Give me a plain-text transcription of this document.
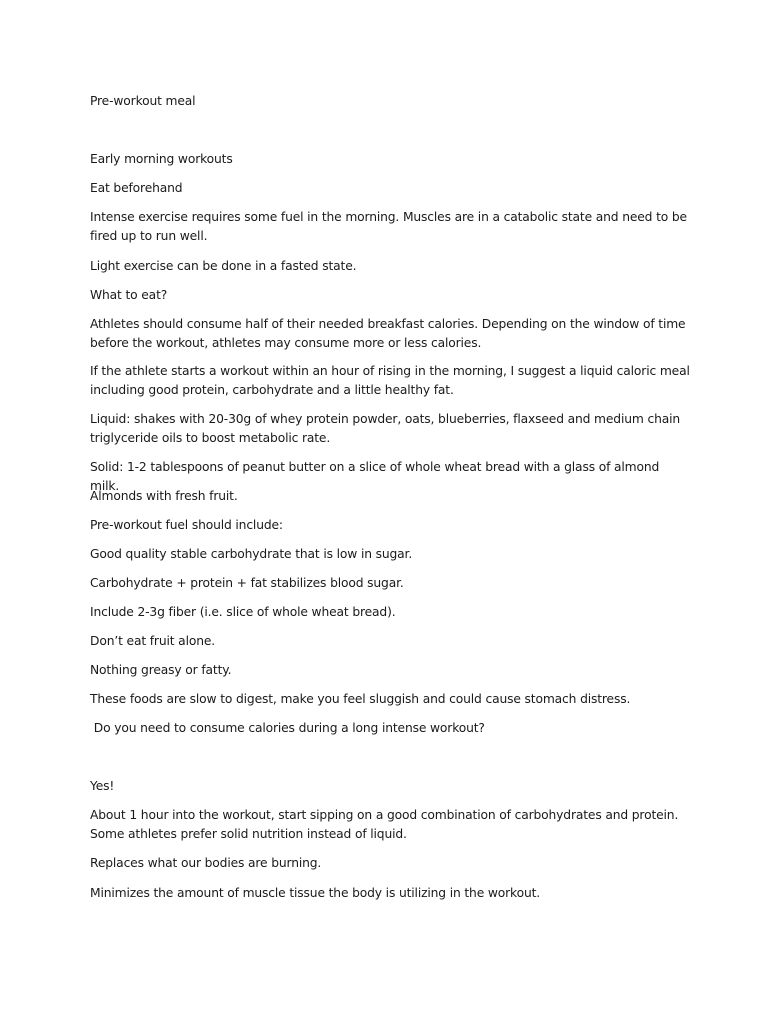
Pre-workout meal

Early morning workouts

Eat beforehand

Intense exercise requires some fuel in the morning. Muscles are in a catabolic state and need to be fired up to run well.

Light exercise can be done in a fasted state.

What to eat?

Athletes should consume half of their needed breakfast calories. Depending on the window of time before the workout, athletes may consume more or less calories.

If the athlete starts a workout within an hour of rising in the morning, I suggest a liquid caloric meal including good protein, carbohydrate and a little healthy fat.

Liquid: shakes with 20-30g of whey protein powder, oats, blueberries, flaxseed and medium chain triglyceride oils to boost metabolic rate.

Solid: 1-2 tablespoons of peanut butter on a slice of whole wheat bread with a glass of almond milk.

Almonds with fresh fruit.

Pre-workout fuel should include:

Good quality stable carbohydrate that is low in sugar.

Carbohydrate + protein + fat stabilizes blood sugar.

Include 2-3g fiber (i.e. slice of whole wheat bread).

Don’t eat fruit alone.

Nothing greasy or fatty.

These foods are slow to digest, make you feel sluggish and could cause stomach distress.

Do you need to consume calories during a long intense workout?

Yes!

About 1 hour into the workout, start sipping on a good combination of carbohydrates and protein. Some athletes prefer solid nutrition instead of liquid.

Replaces what our bodies are burning.

Minimizes the amount of muscle tissue the body is utilizing in the workout.
